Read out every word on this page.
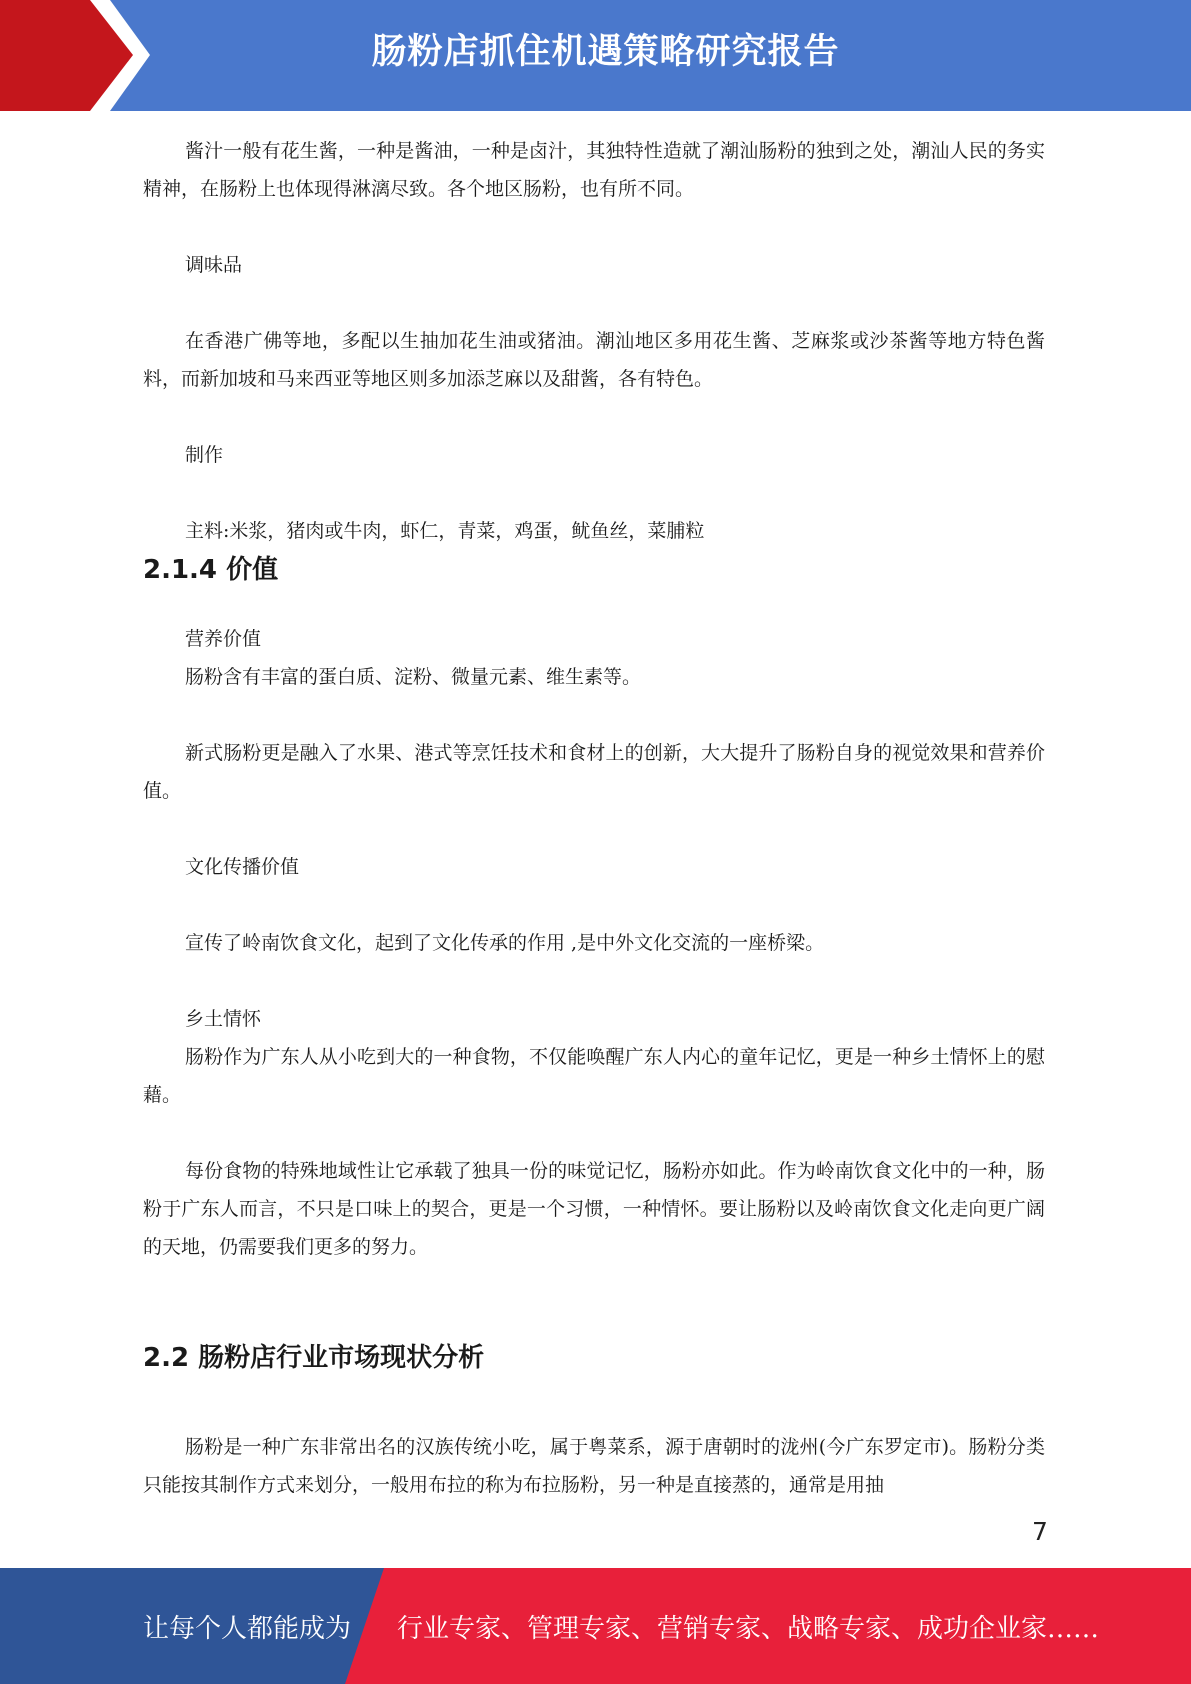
肠粉店抓住机遇策略研究报告

酱汁一般有花生酱，一种是酱油，一种是卤汁，其独特性造就了潮汕肠粉的独到之处，潮汕人民的务实精神，在肠粉上也体现得淋漓尽致。各个地区肠粉，也有所不同。

调味品

在香港广佛等地，多配以生抽加花生油或猪油。潮汕地区多用花生酱、芝麻浆或沙茶酱等地方特色酱料，而新加坡和马来西亚等地区则多加添芝麻以及甜酱，各有特色。

制作

主料:米浆，猪肉或牛肉，虾仁，青菜，鸡蛋，鱿鱼丝，菜脯粒

2.1.4 价值

营养价值

肠粉含有丰富的蛋白质、淀粉、微量元素、维生素等。

新式肠粉更是融入了水果、港式等烹饪技术和食材上的创新，大大提升了肠粉自身的视觉效果和营养价值。

文化传播价值

宣传了岭南饮食文化，起到了文化传承的作用 ,是中外文化交流的一座桥梁。

乡土情怀

肠粉作为广东人从小吃到大的一种食物，不仅能唤醒广东人内心的童年记忆，更是一种乡土情怀上的慰藉。

每份食物的特殊地域性让它承载了独具一份的味觉记忆，肠粉亦如此。作为岭南饮食文化中的一种，肠粉于广东人而言，不只是口味上的契合，更是一个习惯，一种情怀。要让肠粉以及岭南饮食文化走向更广阔的天地，仍需要我们更多的努力。

2.2 肠粉店行业市场现状分析

肠粉是一种广东非常出名的汉族传统小吃，属于粤菜系，源于唐朝时的泷州(今广东罗定市)。肠粉分类只能按其制作方式来划分，一般用布拉的称为布拉肠粉，另一种是直接蒸的，通常是用抽

7
让每个人都能成为 行业专家、管理专家、营销专家、战略专家、成功企业家……
